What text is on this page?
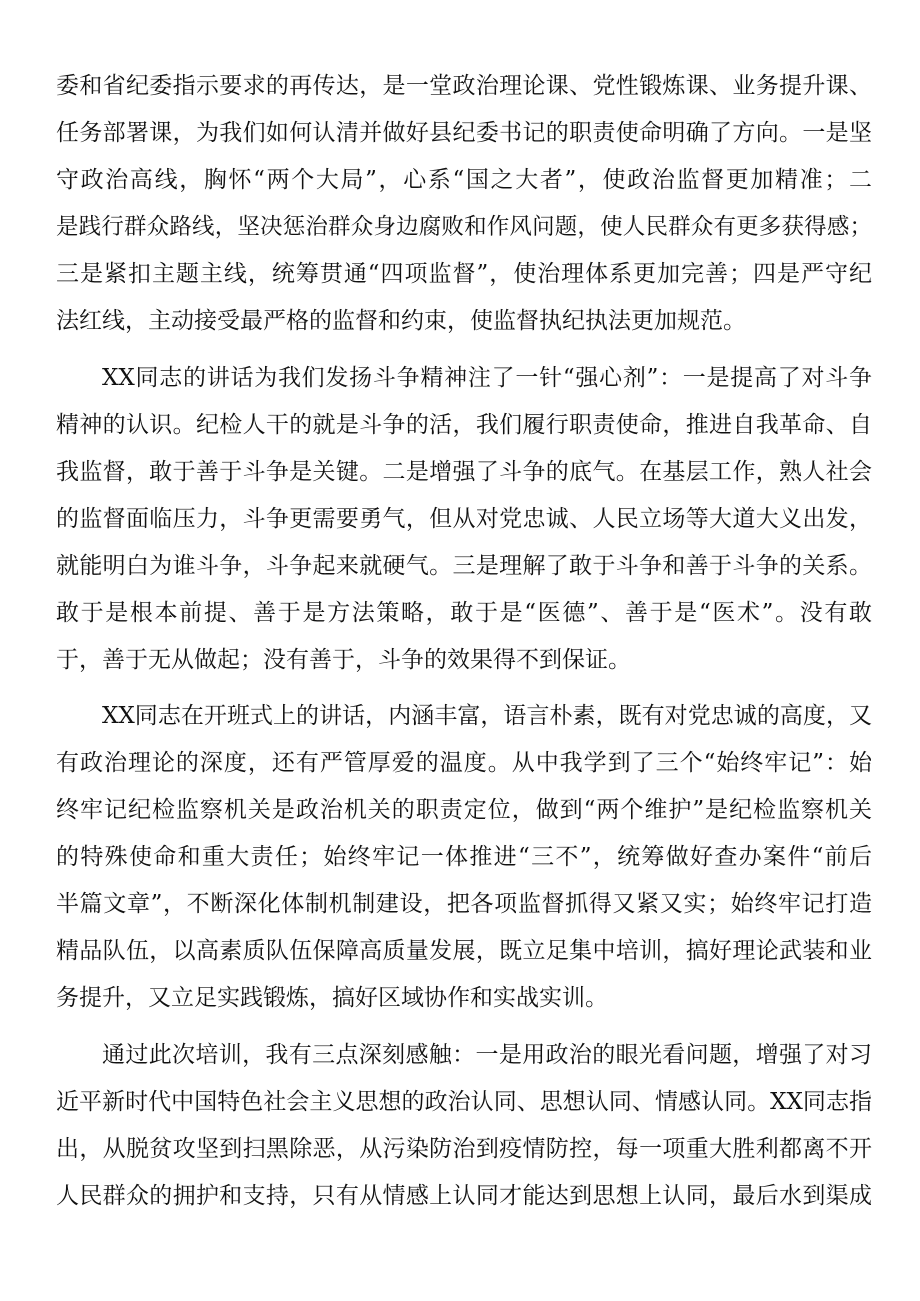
委和省纪委指示要求的再传达，是一堂政治理论课、党性锻炼课、业务提升课、
任务部署课，为我们如何认清并做好县纪委书记的职责使命明确了方向。一是坚
守政治高线，胸怀“两个大局”，心系“国之大者”，使政治监督更加精准；二
是践行群众路线，坚决惩治群众身边腐败和作风问题，使人民群众有更多获得感；
三是紧扣主题主线，统筹贯通“四项监督”，使治理体系更加完善；四是严守纪
法红线，主动接受最严格的监督和约束，使监督执纪执法更加规范。
XX同志的讲话为我们发扬斗争精神注了一针“强心剂”：一是提高了对斗争
精神的认识。纪检人干的就是斗争的活，我们履行职责使命，推进自我革命、自
我监督，敢于善于斗争是关键。二是增强了斗争的底气。在基层工作，熟人社会
的监督面临压力，斗争更需要勇气，但从对党忠诚、人民立场等大道大义出发，
就能明白为谁斗争，斗争起来就硬气。三是理解了敢于斗争和善于斗争的关系。
敢于是根本前提、善于是方法策略，敢于是“医德”、善于是“医术”。没有敢
于，善于无从做起；没有善于，斗争的效果得不到保证。
XX同志在开班式上的讲话，内涵丰富，语言朴素，既有对党忠诚的高度，又
有政治理论的深度，还有严管厚爱的温度。从中我学到了三个“始终牢记”：始
终牢记纪检监察机关是政治机关的职责定位，做到“两个维护”是纪检监察机关
的特殊使命和重大责任；始终牢记一体推进“三不”，统筹做好查办案件“前后
半篇文章”，不断深化体制机制建设，把各项监督抓得又紧又实；始终牢记打造
精品队伍，以高素质队伍保障高质量发展，既立足集中培训，搞好理论武装和业
务提升，又立足实践锻炼，搞好区域协作和实战实训。
通过此次培训，我有三点深刻感触：一是用政治的眼光看问题，增强了对习
近平新时代中国特色社会主义思想的政治认同、思想认同、情感认同。XX同志指
出，从脱贫攻坚到扫黑除恶，从污染防治到疫情防控，每一项重大胜利都离不开
人民群众的拥护和支持，只有从情感上认同才能达到思想上认同，最后水到渠成
